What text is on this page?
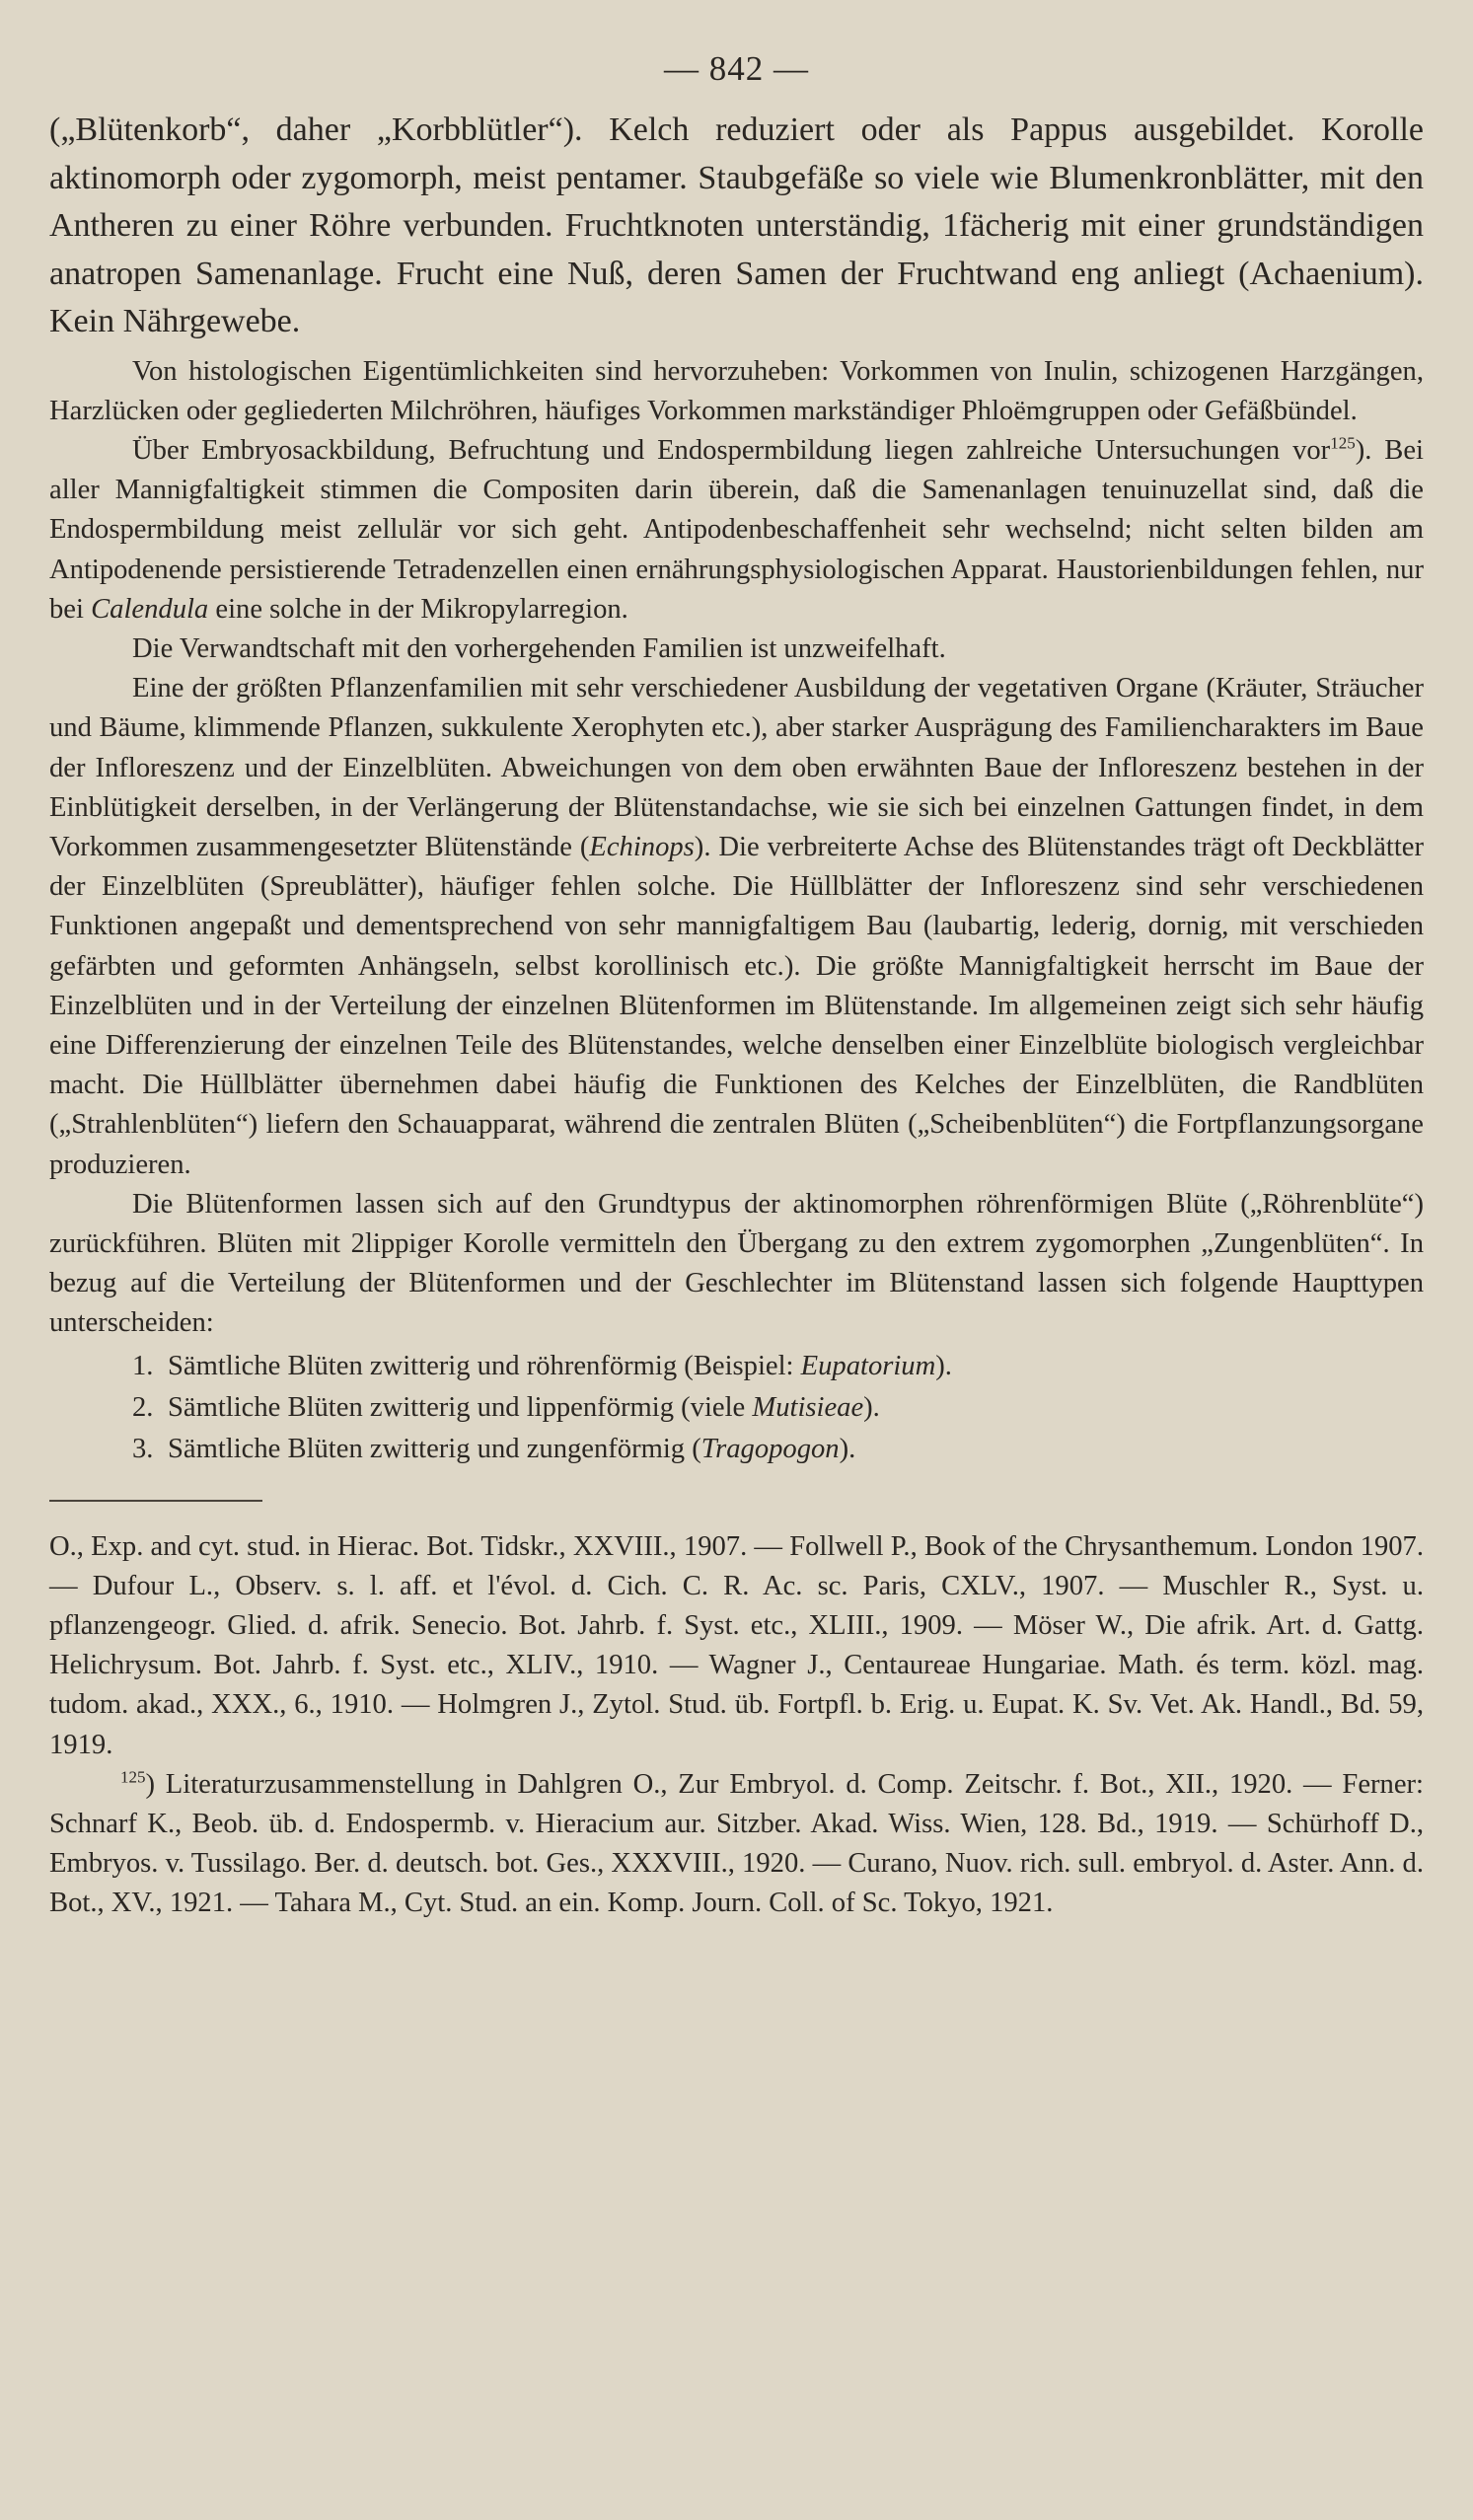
— 842 —

(„Blütenkorb“, daher „Korbblütler“). Kelch reduziert oder als Pappus ausgebildet. Korolle aktinomorph oder zygomorph, meist pentamer. Staubgefäße so viele wie Blumenkronblätter, mit den Antheren zu einer Röhre verbunden. Fruchtknoten unterständig, 1fächerig mit einer grundständigen anatropen Samenanlage. Frucht eine Nuß, deren Samen der Fruchtwand eng anliegt (Achaenium). Kein Nährgewebe.

Von histologischen Eigentümlichkeiten sind hervorzuheben: Vorkommen von Inulin, schizogenen Harzgängen, Harzlücken oder gegliederten Milchröhren, häufiges Vorkommen markständiger Phloëmgruppen oder Gefäßbündel.

Über Embryosackbildung, Befruchtung und Endospermbildung liegen zahlreiche Untersuchungen vor$^{125}$). Bei aller Mannigfaltigkeit stimmen die Compositen darin überein, daß die Samenanlagen tenuinuzellat sind, daß die Endospermbildung meist zellulär vor sich geht. Antipodenbeschaffenheit sehr wechselnd; nicht selten bilden am Antipodenende persistierende Tetradenzellen einen ernährungsphysiologischen Apparat. Haustorienbildungen fehlen, nur bei Calendula eine solche in der Mikropylarregion.

Die Verwandtschaft mit den vorhergehenden Familien ist unzweifelhaft.

Eine der größten Pflanzenfamilien mit sehr verschiedener Ausbildung der vegetativen Organe (Kräuter, Sträucher und Bäume, klimmende Pflanzen, sukkulente Xerophyten etc.), aber starker Ausprägung des Familiencharakters im Baue der Infloreszenz und der Einzelblüten. Abweichungen von dem oben erwähnten Baue der Infloreszenz bestehen in der Einblütigkeit derselben, in der Verlängerung der Blütenstandachse, wie sie sich bei einzelnen Gattungen findet, in dem Vorkommen zusammengesetzter Blütenstände (Echinops). Die verbreiterte Achse des Blütenstandes trägt oft Deckblätter der Einzelblüten (Spreublätter), häufiger fehlen solche. Die Hüllblätter der Infloreszenz sind sehr verschiedenen Funktionen angepaßt und dementsprechend von sehr mannigfaltigem Bau (laubartig, lederig, dornig, mit verschieden gefärbten und geformten Anhängseln, selbst korollinisch etc.). Die größte Mannigfaltigkeit herrscht im Baue der Einzelblüten und in der Verteilung der einzelnen Blütenformen im Blütenstande. Im allgemeinen zeigt sich sehr häufig eine Differenzierung der einzelnen Teile des Blütenstandes, welche denselben einer Einzelblüte biologisch vergleichbar macht. Die Hüllblätter übernehmen dabei häufig die Funktionen des Kelches der Einzelblüten, die Randblüten („Strahlenblüten“) liefern den Schauapparat, während die zentralen Blüten („Scheibenblüten“) die Fortpflanzungsorgane produzieren.

Die Blütenformen lassen sich auf den Grundtypus der aktinomorphen röhrenförmigen Blüte („Röhrenblüte“) zurückführen. Blüten mit 2lippiger Korolle vermitteln den Übergang zu den extrem zygomorphen „Zungenblüten“. In bezug auf die Verteilung der Blütenformen und der Geschlechter im Blütenstand lassen sich folgende Haupttypen unterscheiden:

1. Sämtliche Blüten zwitterig und röhrenförmig (Beispiel: Eupatorium).
2. Sämtliche Blüten zwitterig und lippenförmig (viele Mutisieae).
3. Sämtliche Blüten zwitterig und zungenförmig (Tragopogon).

O., Exp. and cyt. stud. in Hierac. Bot. Tidskr., XXVIII., 1907. — Follwell P., Book of the Chrysanthemum. London 1907. — Dufour L., Observ. s. l. aff. et l'évol. d. Cich. C. R. Ac. sc. Paris, CXLV., 1907. — Muschler R., Syst. u. pflanzengeogr. Glied. d. afrik. Senecio. Bot. Jahrb. f. Syst. etc., XLIII., 1909. — Möser W., Die afrik. Art. d. Gattg. Helichrysum. Bot. Jahrb. f. Syst. etc., XLIV., 1910. — Wagner J., Centaureae Hungariae. Math. és term. közl. mag. tudom. akad., XXX., 6., 1910. — Holmgren J., Zytol. Stud. üb. Fortpfl. b. Erig. u. Eupat. K. Sv. Vet. Ak. Handl., Bd. 59, 1919.

$^{125}$) Literaturzusammenstellung in Dahlgren O., Zur Embryol. d. Comp. Zeitschr. f. Bot., XII., 1920. — Ferner: Schnarf K., Beob. üb. d. Endospermb. v. Hieracium aur. Sitzber. Akad. Wiss. Wien, 128. Bd., 1919. — Schürhoff D., Embryos. v. Tussilago. Ber. d. deutsch. bot. Ges., XXXVIII., 1920. — Curano, Nuov. rich. sull. embryol. d. Aster. Ann. d. Bot., XV., 1921. — Tahara M., Cyt. Stud. an ein. Komp. Journ. Coll. of Sc. Tokyo, 1921.
